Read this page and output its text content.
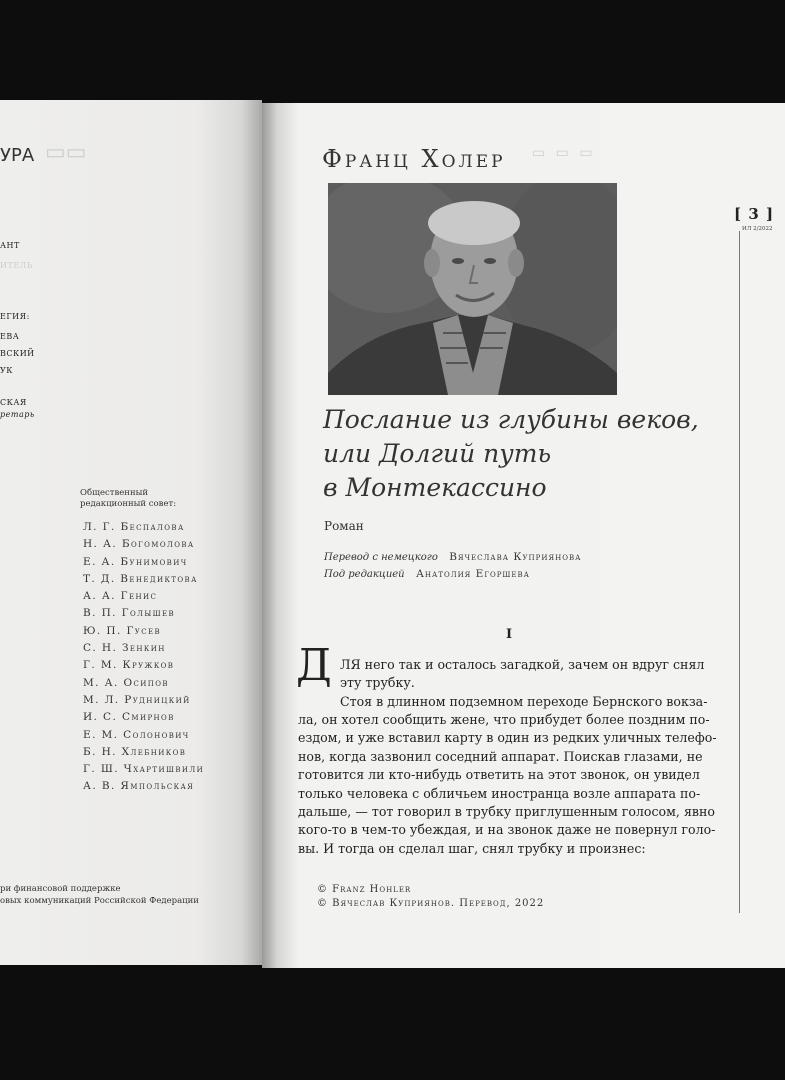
▭▭
УРА
АНТ
ИТЕЛЬ
ЕГИЯ:
ЕВА
ВСКИЙ
УК
СКАЯ
ретарь
Общественный
редакционный совет:
Л. Г. Беспалова
Н. А. Богомолова
Е. А. Бунимович
Т. Д. Венедиктова
А. А. Генис
В. П. Голышев
Ю. П. Гусев
С. Н. Зенкин
Г. М. Кружков
М. А. Осипов
М. Л. Рудницкий
И. С. Смирнов
Е. М. Солонович
Б. Н. Хлебников
Г. Ш. Чхартишвили
А. В. Ямпольская
ри финансовой поддержке
овых коммуникаций Российской Федерации
▭ ▭ ▭
[ 3 ]
ИЛ 2/2022
Франц Холер
Послание из глубины веков,
или Долгий путь
в Монтекассино
Роман
Перевод с немецкого Вячеслава Куприянова
Под редакцией Анатолия Егоршева
I
Д ЛЯ него так и осталось загадкой, зачем он вдруг снял
эту трубку.
Стоя в длинном подземном переходе Бернского вокза-
ла, он хотел сообщить жене, что прибудет более поздним по-
ездом, и уже вставил карту в один из редких уличных телефо-
нов, когда зазвонил соседний аппарат. Поискав глазами, не
готовится ли кто-нибудь ответить на этот звонок, он увидел
только человека с обличьем иностранца возле аппарата по-
дальше, — тот говорил в трубку приглушенным голосом, явно
кого-то в чем-то убеждая, и на звонок даже не повернул голо-
вы. И тогда он сделал шаг, снял трубку и произнес:
© Franz Hohler
© Вячеслав Куприянов. Перевод, 2022
